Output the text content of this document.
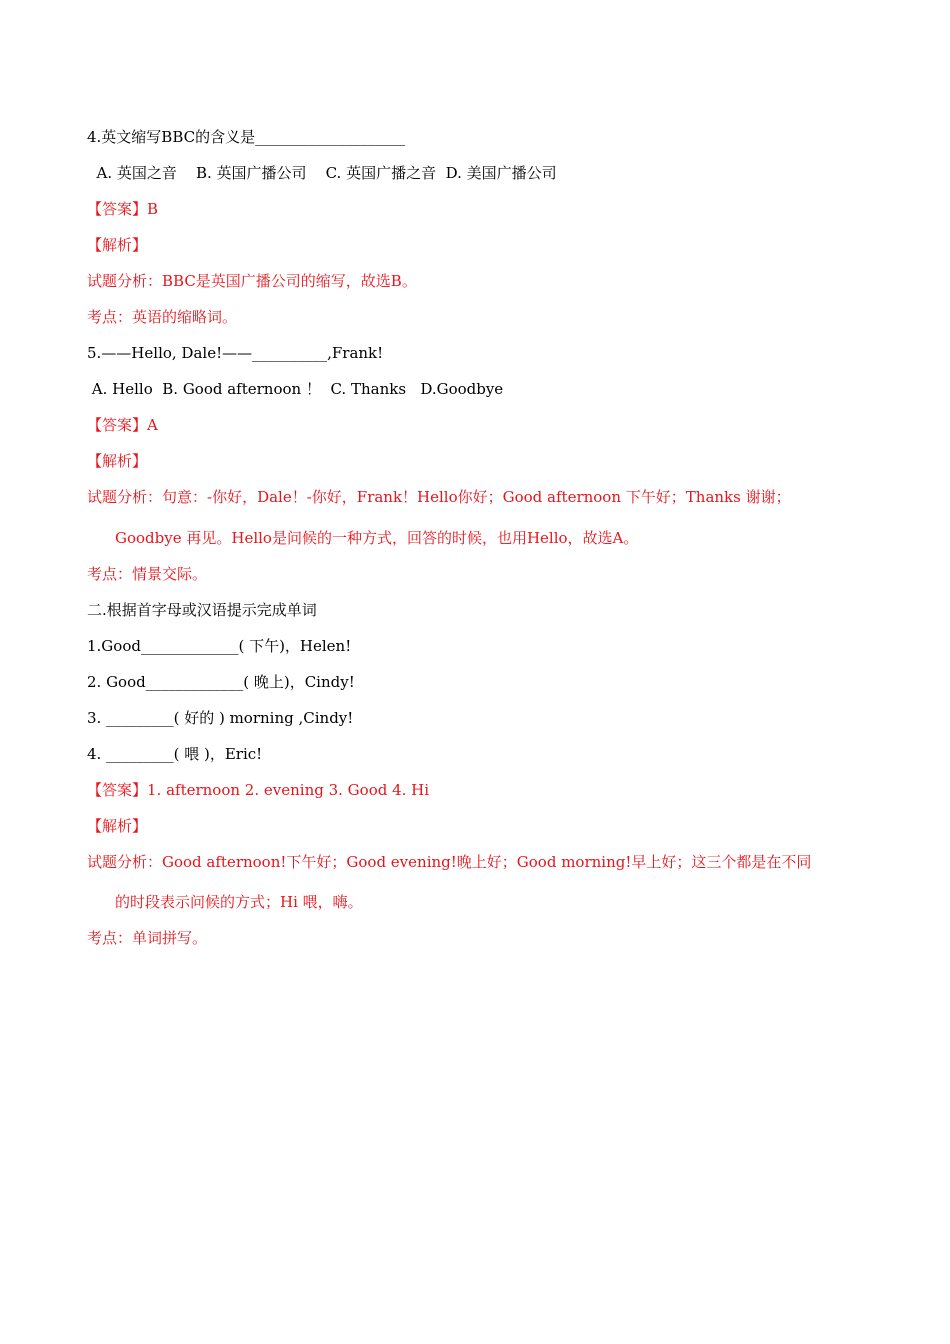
4.英文缩写BBC的含义是____________________
A. 英国之音    B. 英国广播公司    C. 英国广播之音  D. 美国广播公司
【答案】B
【解析】
试题分析：BBC是英国广播公司的缩写，故选B。
考点：英语的缩略词。
5.——Hello, Dale!——__________,Frank!
A. Hello  B. Good afternoon ！  C. Thanks   D.Goodbye
【答案】A
【解析】
试题分析：句意：-你好，Dale！-你好，Frank！Hello你好；Good afternoon 下午好；Thanks 谢谢；
Goodbye 再见。Hello是问候的一种方式，回答的时候，也用Hello，故选A。
考点：情景交际。
二.根据首字母或汉语提示完成单词
1.Good_____________( 下午)，Helen!
2. Good_____________( 晚上)，Cindy!
3. _________( 好的 ) morning ,Cindy!
4. _________( 喂 )，Eric!
【答案】1. afternoon 2. evening 3. Good 4. Hi
【解析】
试题分析：Good afternoon!下午好；Good evening!晚上好；Good morning!早上好；这三个都是在不同
的时段表示问候的方式；Hi 喂，嗨。
考点：单词拼写。
